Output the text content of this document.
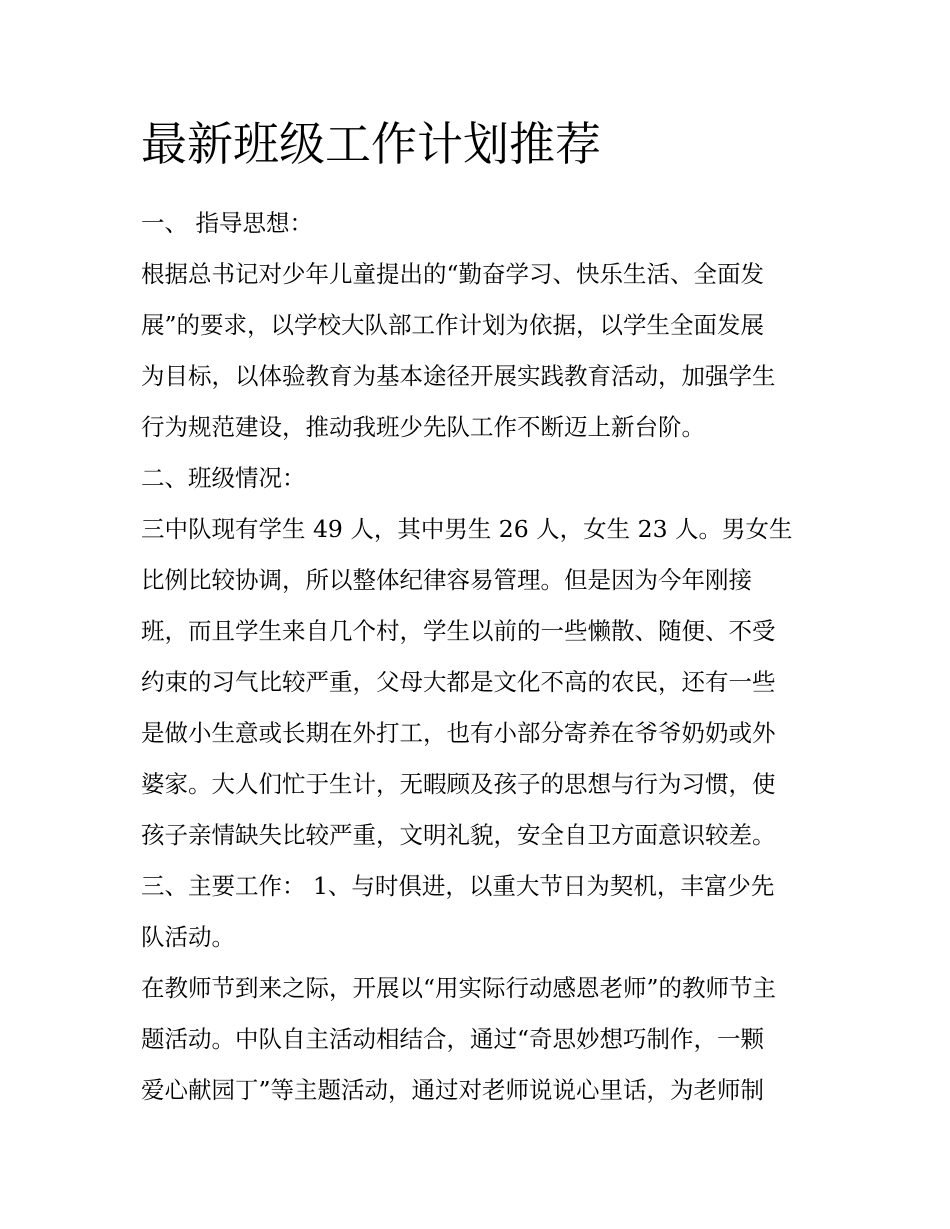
最新班级工作计划推荐

一、 指导思想：

根据总书记对少年儿童提出的“勤奋学习、快乐生活、全面发

展”的要求，以学校大队部工作计划为依据，以学生全面发展

为目标，以体验教育为基本途径开展实践教育活动，加强学生

行为规范建设，推动我班少先队工作不断迈上新台阶。

二、班级情况：

三中队现有学生 49 人，其中男生 26 人，女生 23 人。男女生

比例比较协调，所以整体纪律容易管理。但是因为今年刚接

班，而且学生来自几个村，学生以前的一些懒散、随便、不受

约束的习气比较严重，父母大都是文化不高的农民，还有一些

是做小生意或长期在外打工，也有小部分寄养在爷爷奶奶或外

婆家。大人们忙于生计，无暇顾及孩子的思想与行为习惯，使

孩子亲情缺失比较严重，文明礼貌，安全自卫方面意识较差。

三、主要工作： 1、与时俱进，以重大节日为契机，丰富少先

队活动。

在教师节到来之际，开展以“用实际行动感恩老师”的教师节主

题活动。中队自主活动相结合，通过“奇思妙想巧制作，一颗

爱心献园丁”等主题活动，通过对老师说说心里话，为老师制
